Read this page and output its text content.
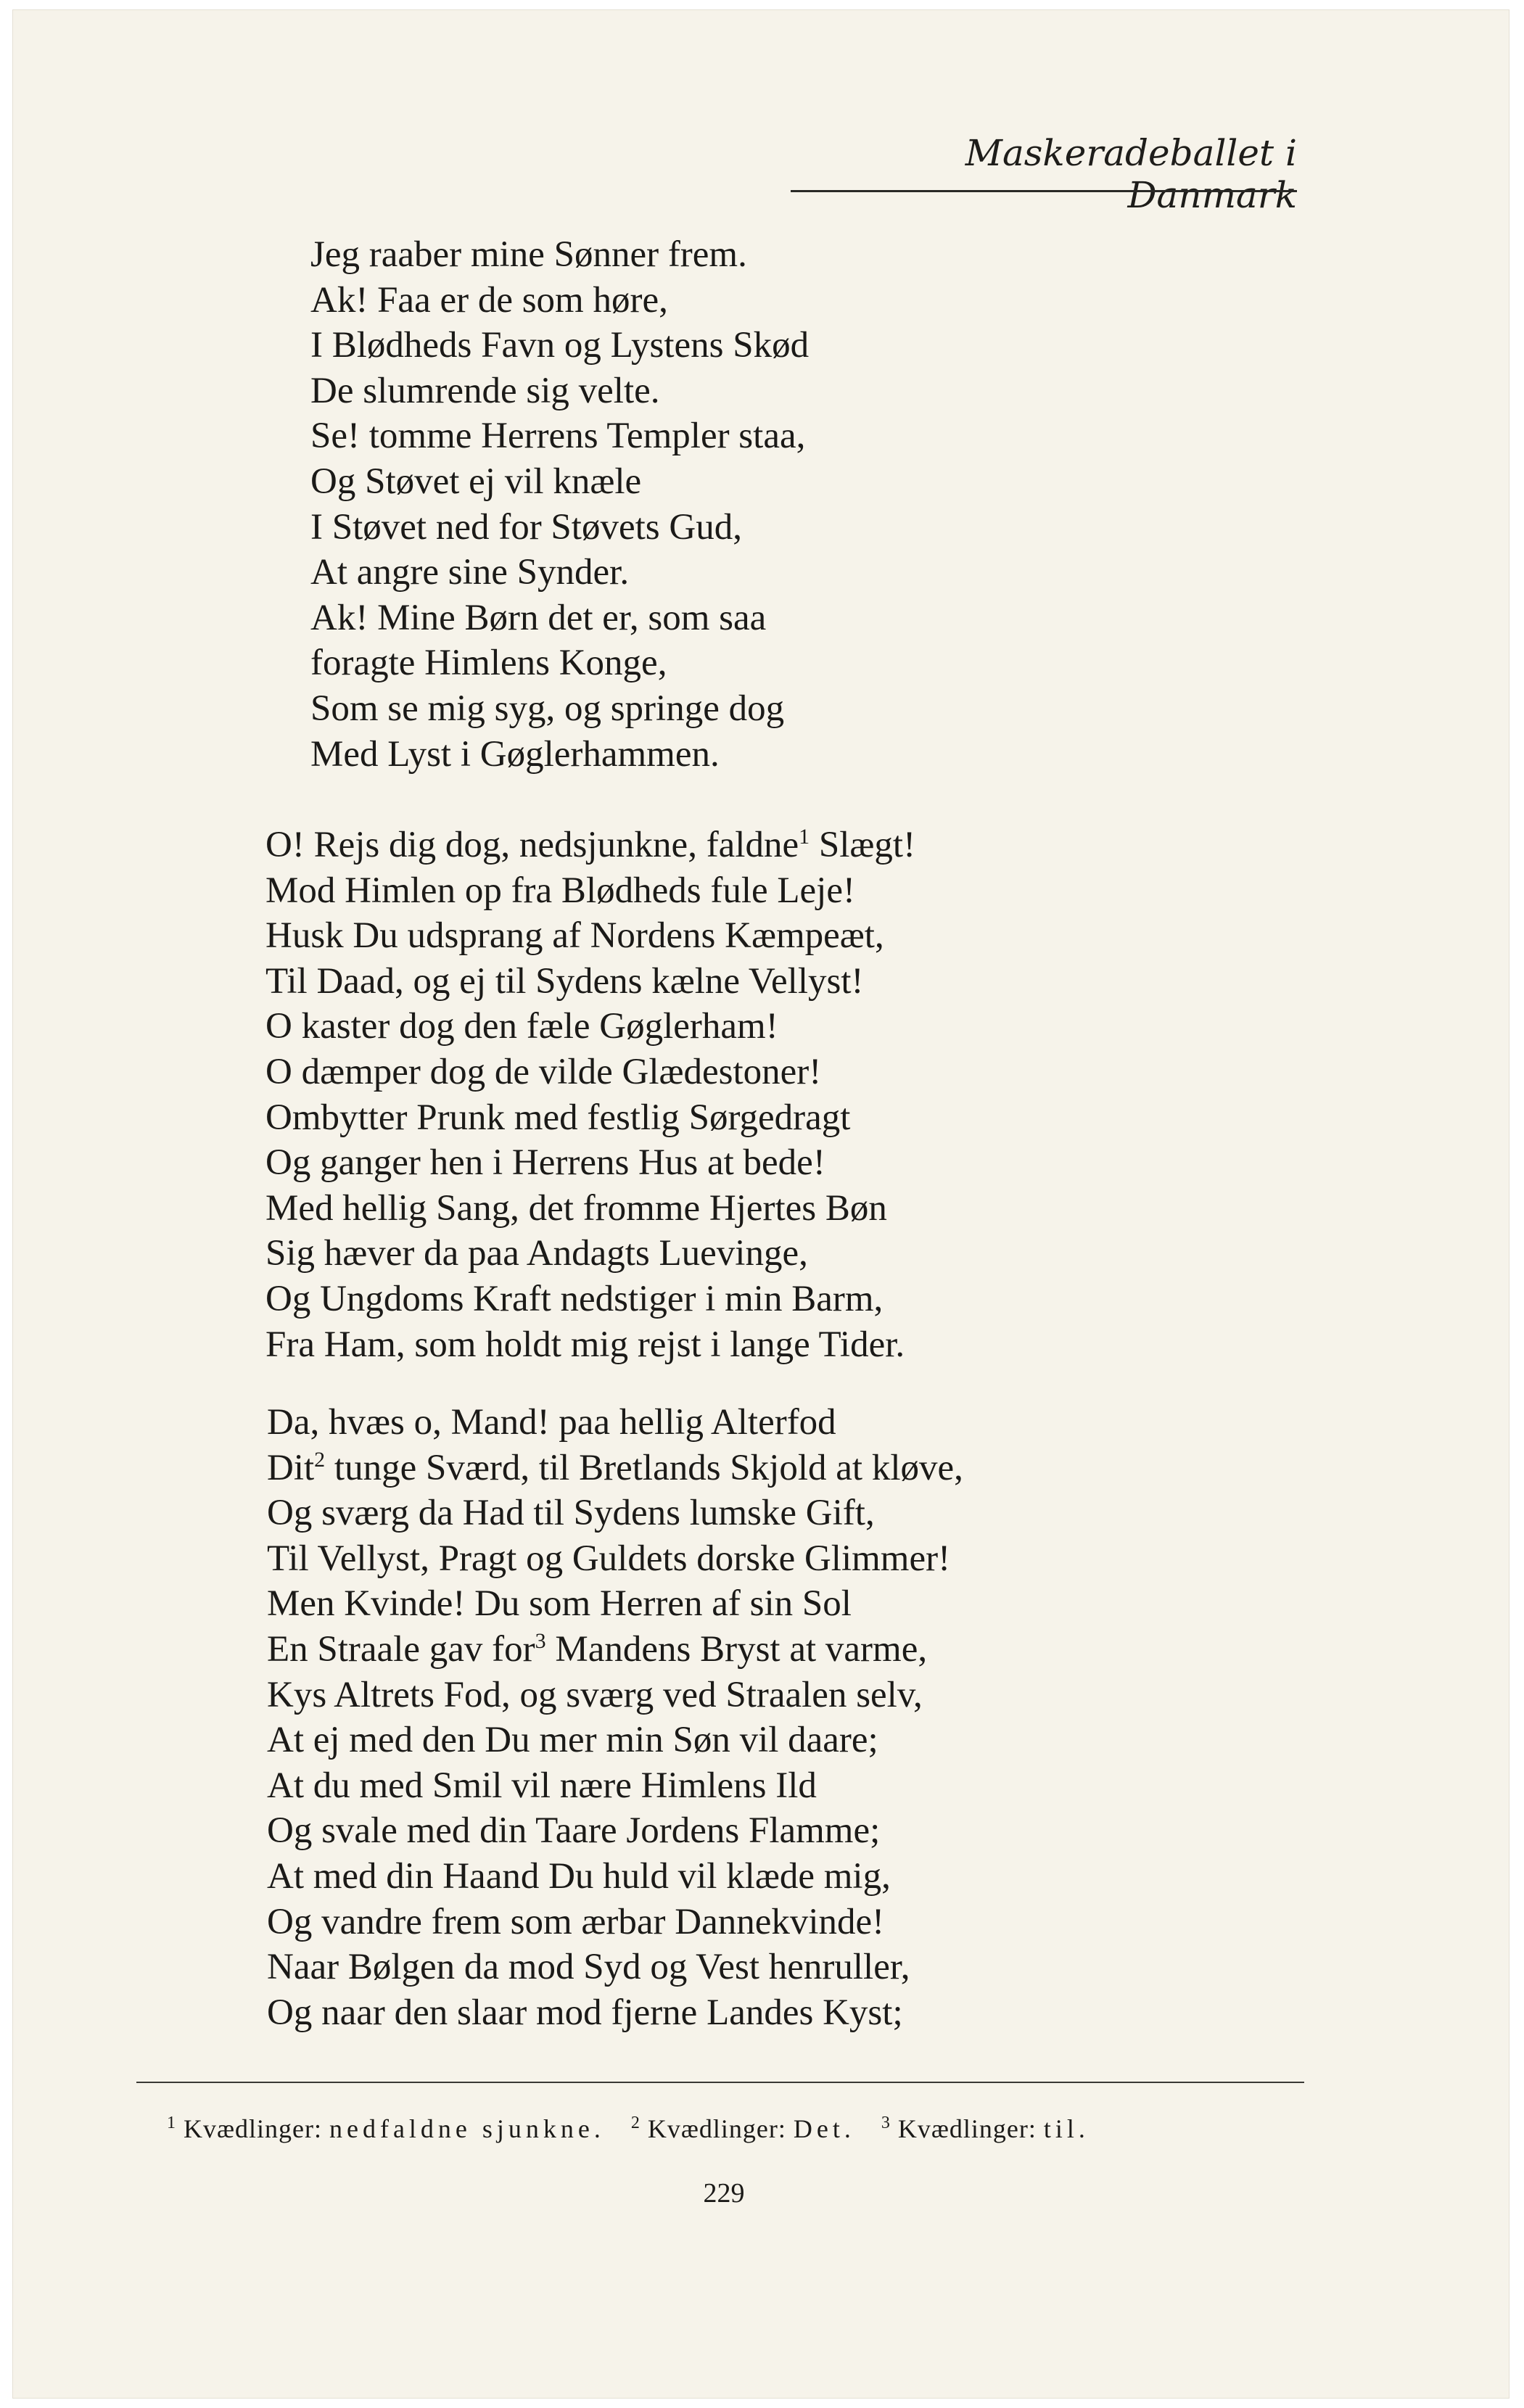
Maskeradeballet i Danmark
Jeg raaber mine Sønner frem.
Ak! Faa er de som høre,
I Blødheds Favn og Lystens Skød
De slumrende sig velte.
Se! tomme Herrens Templer staa,
Og Støvet ej vil knæle
I Støvet ned for Støvets Gud,
At angre sine Synder.
Ak! Mine Børn det er, som saa
foragte Himlens Konge,
Som se mig syg, og springe dog
Med Lyst i Gøglerhammen.
O! Rejs dig dog, nedsjunkne, faldne$^1$ Slægt!
Mod Himlen op fra Blødheds fule Leje!
Husk Du udsprang af Nordens Kæmpeæt,
Til Daad, og ej til Sydens kælne Vellyst!
O kaster dog den fæle Gøglerham!
O dæmper dog de vilde Glædestoner!
Ombytter Prunk med festlig Sørgedragt
Og ganger hen i Herrens Hus at bede!
Med hellig Sang, det fromme Hjertes Bøn
Sig hæver da paa Andagts Luevinge,
Og Ungdoms Kraft nedstiger i min Barm,
Fra Ham, som holdt mig rejst i lange Tider.
Da, hvæs o, Mand! paa hellig Alterfod
Dit$^2$ tunge Sværd, til Bretlands Skjold at kløve,
Og sværg da Had til Sydens lumske Gift,
Til Vellyst, Pragt og Guldets dorske Glimmer!
Men Kvinde! Du som Herren af sin Sol
En Straale gav for$^3$ Mandens Bryst at varme,
Kys Altrets Fod, og sværg ved Straalen selv,
At ej med den Du mer min Søn vil daare;
At du med Smil vil nære Himlens Ild
Og svale med din Taare Jordens Flamme;
At med din Haand Du huld vil klæde mig,
Og vandre frem som ærbar Dannekvinde!
Naar Bølgen da mod Syd og Vest henruller,
Og naar den slaar mod fjerne Landes Kyst;

$^1$ Kvædlinger: nedfaldne sjunkne. $^2$ Kvædlinger: Det. $^3$ Kvædlinger: til.

229
